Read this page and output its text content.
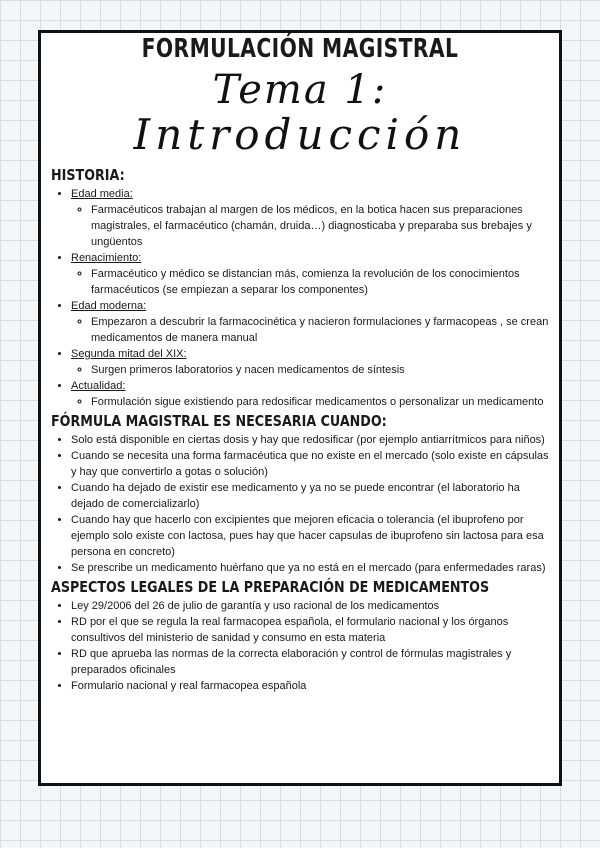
FORMULACIÓN MAGISTRAL
Tema 1:
Introducción
HISTORIA:
• Edad media:
◦ Farmacéuticos trabajan al margen de los médicos, en la botica hacen sus preparaciones magistrales, el farmacéutico (chamán, druida…) diagnosticaba y preparaba sus brebajes y ungüentos
• Renacimiento:
◦ Farmacéutico y médico se distancian más, comienza la revolución de los conocimientos farmacéuticos (se empiezan a separar los componentes)
• Edad moderna:
◦ Empezaron a descubrir la farmacocinética y nacieron formulaciones y farmacopeas , se crean medicamentos de manera manual
• Segunda mitad del XIX:
◦ Surgen primeros laboratorios y nacen medicamentos de síntesis
• Actualidad:
◦ Formulación sigue existiendo para redosificar medicamentos o personalizar un medicamento
FÓRMULA MAGISTRAL ES NECESARIA CUANDO:
• Solo está disponible en ciertas dosis y hay que redosificar (por ejemplo antiarrítmicos para niños)
• Cuando se necesita una forma farmacéutica que no existe en el mercado (solo existe en cápsulas y hay que convertirlo a gotas o solución)
• Cuando ha dejado de existir ese medicamento y ya no se puede encontrar (el laboratorio ha dejado de comercializarlo)
• Cuando hay que hacerlo con excipientes que mejoren eficacia o tolerancia (el ibuprofeno por ejemplo solo existe con lactosa, pues hay que hacer capsulas de ibuprofeno sin lactosa para esa persona en concreto)
• Se prescribe un medicamento huérfano que ya no está en el mercado (para enfermedades raras)
ASPECTOS LEGALES DE LA PREPARACIÓN DE MEDICAMENTOS
• Ley 29/2006 del 26 de julio de garantía y uso racional de los medicamentos
• RD por el que se regula la real farmacopea española, el formulario nacional y los órganos consultivos del ministerio de sanidad y consumo en esta materia
• RD que aprueba las normas de la correcta elaboración y control de fórmulas magistrales y preparados oficinales
• Formulario nacional y real farmacopea española
